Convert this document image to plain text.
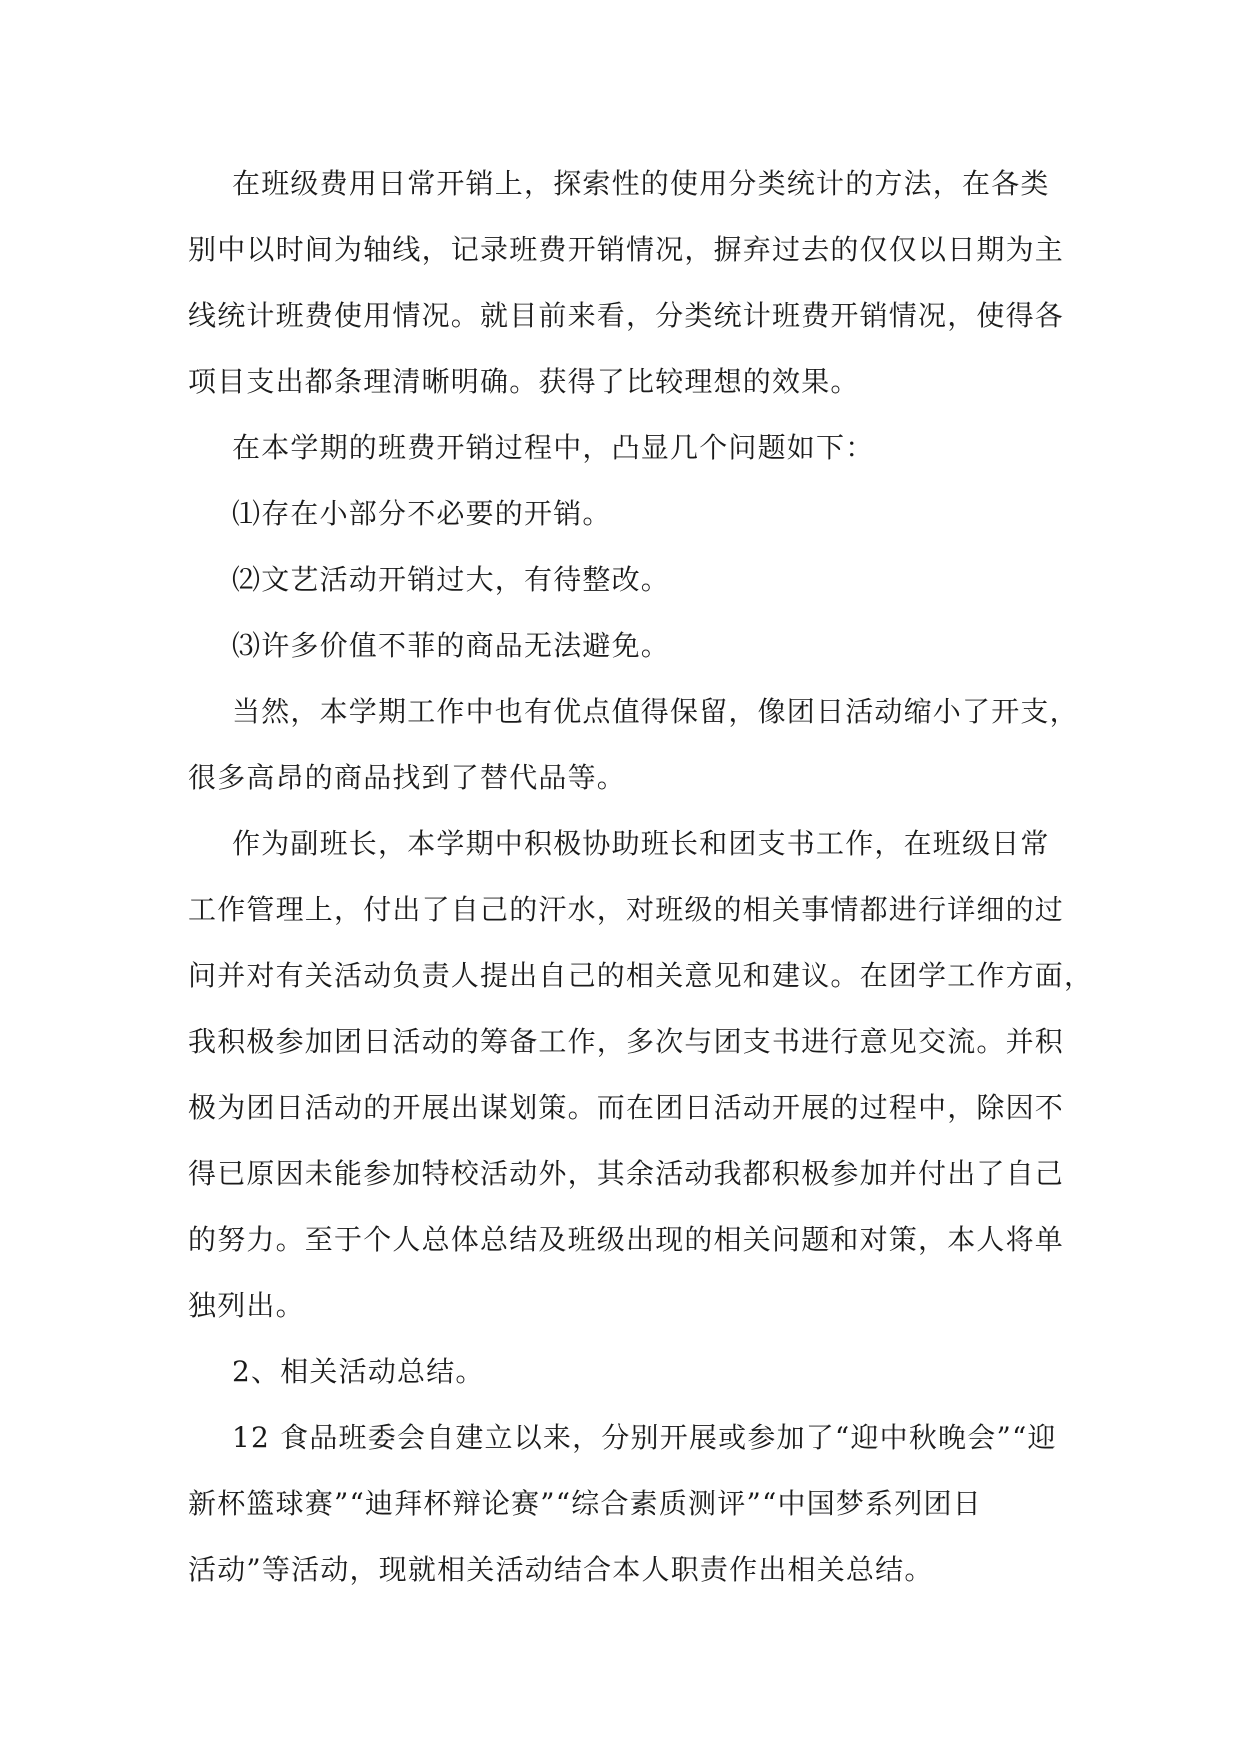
在班级费用日常开销上，探索性的使用分类统计的方法，在各类
别中以时间为轴线，记录班费开销情况，摒弃过去的仅仅以日期为主
线统计班费使用情况。就目前来看，分类统计班费开销情况，使得各
项目支出都条理清晰明确。获得了比较理想的效果。
在本学期的班费开销过程中，凸显几个问题如下：
⑴存在小部分不必要的开销。
⑵文艺活动开销过大，有待整改。
⑶许多价值不菲的商品无法避免。
当然，本学期工作中也有优点值得保留，像团日活动缩小了开支，
很多高昂的商品找到了替代品等。
作为副班长，本学期中积极协助班长和团支书工作，在班级日常
工作管理上，付出了自己的汗水，对班级的相关事情都进行详细的过
问并对有关活动负责人提出自己的相关意见和建议。在团学工作方面，
我积极参加团日活动的筹备工作，多次与团支书进行意见交流。并积
极为团日活动的开展出谋划策。而在团日活动开展的过程中，除因不
得已原因未能参加特校活动外，其余活动我都积极参加并付出了自己
的努力。至于个人总体总结及班级出现的相关问题和对策，本人将单
独列出。
2、相关活动总结。
12 食品班委会自建立以来，分别开展或参加了“迎中秋晚会”“迎
新杯篮球赛”“迪拜杯辩论赛”“综合素质测评”“中国梦系列团日
活动”等活动，现就相关活动结合本人职责作出相关总结。
